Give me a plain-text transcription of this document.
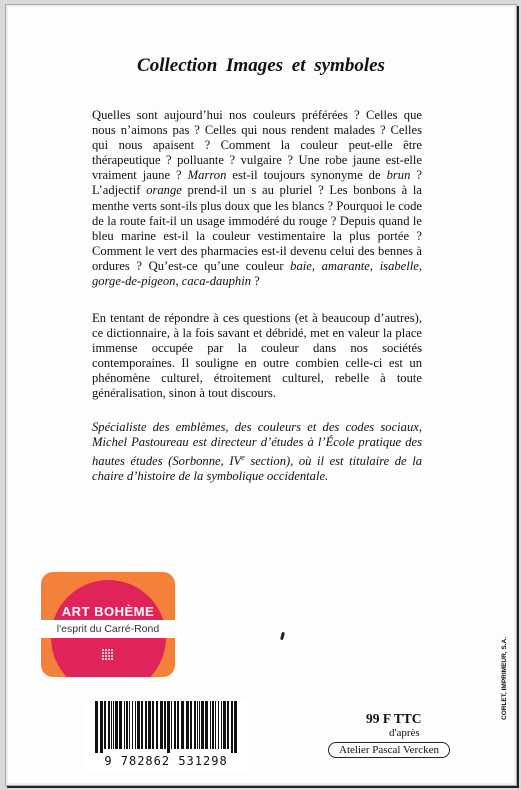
Collection Images et symboles

Quelles sont aujourd’hui nos couleurs préférées ? Celles que nous n’aimons pas ? Celles qui nous rendent malades ? Celles qui nous apaisent ? Comment la couleur peut-elle être thérapeutique ? polluante ? vulgaire ? Une robe jaune est-elle vraiment jaune ? Marron est-il toujours synonyme de brun ? L’adjectif orange prend-il un s au pluriel ? Les bonbons à la menthe verts sont-ils plus doux que les blancs ? Pourquoi le code de la route fait-il un usage immodéré du rouge ? Depuis quand le bleu marine est-il la couleur vestimentaire la plus portée ? Comment le vert des pharmacies est-il devenu celui des bennes à ordures ? Qu’est-ce qu’une couleur baie, amarante, isabelle, gorge-de-pigeon, caca-dauphin ?

En tentant de répondre à ces questions (et à beaucoup d’autres), ce dictionnaire, à la fois savant et débridé, met en valeur la place immense occupée par la couleur dans nos sociétés contemporaines. Il souligne en outre combien celle-ci est un phénomène culturel, étroitement culturel, rebelle à toute généralisation, sinon à tout discours.

Spécialiste des emblèmes, des couleurs et des codes sociaux, Michel Pastoureau est directeur d’études à l’École pratique des hautes études (Sorbonne, IVe section), où il est titulaire de la chaire d’histoire de la symbolique occidentale.

ART BOHÈME
l'esprit du Carré-Rond
9 782862 531298
99 F TTC
d'après
Atelier Pascal Vercken
CORLET, IMPRIMEUR, S.A.
